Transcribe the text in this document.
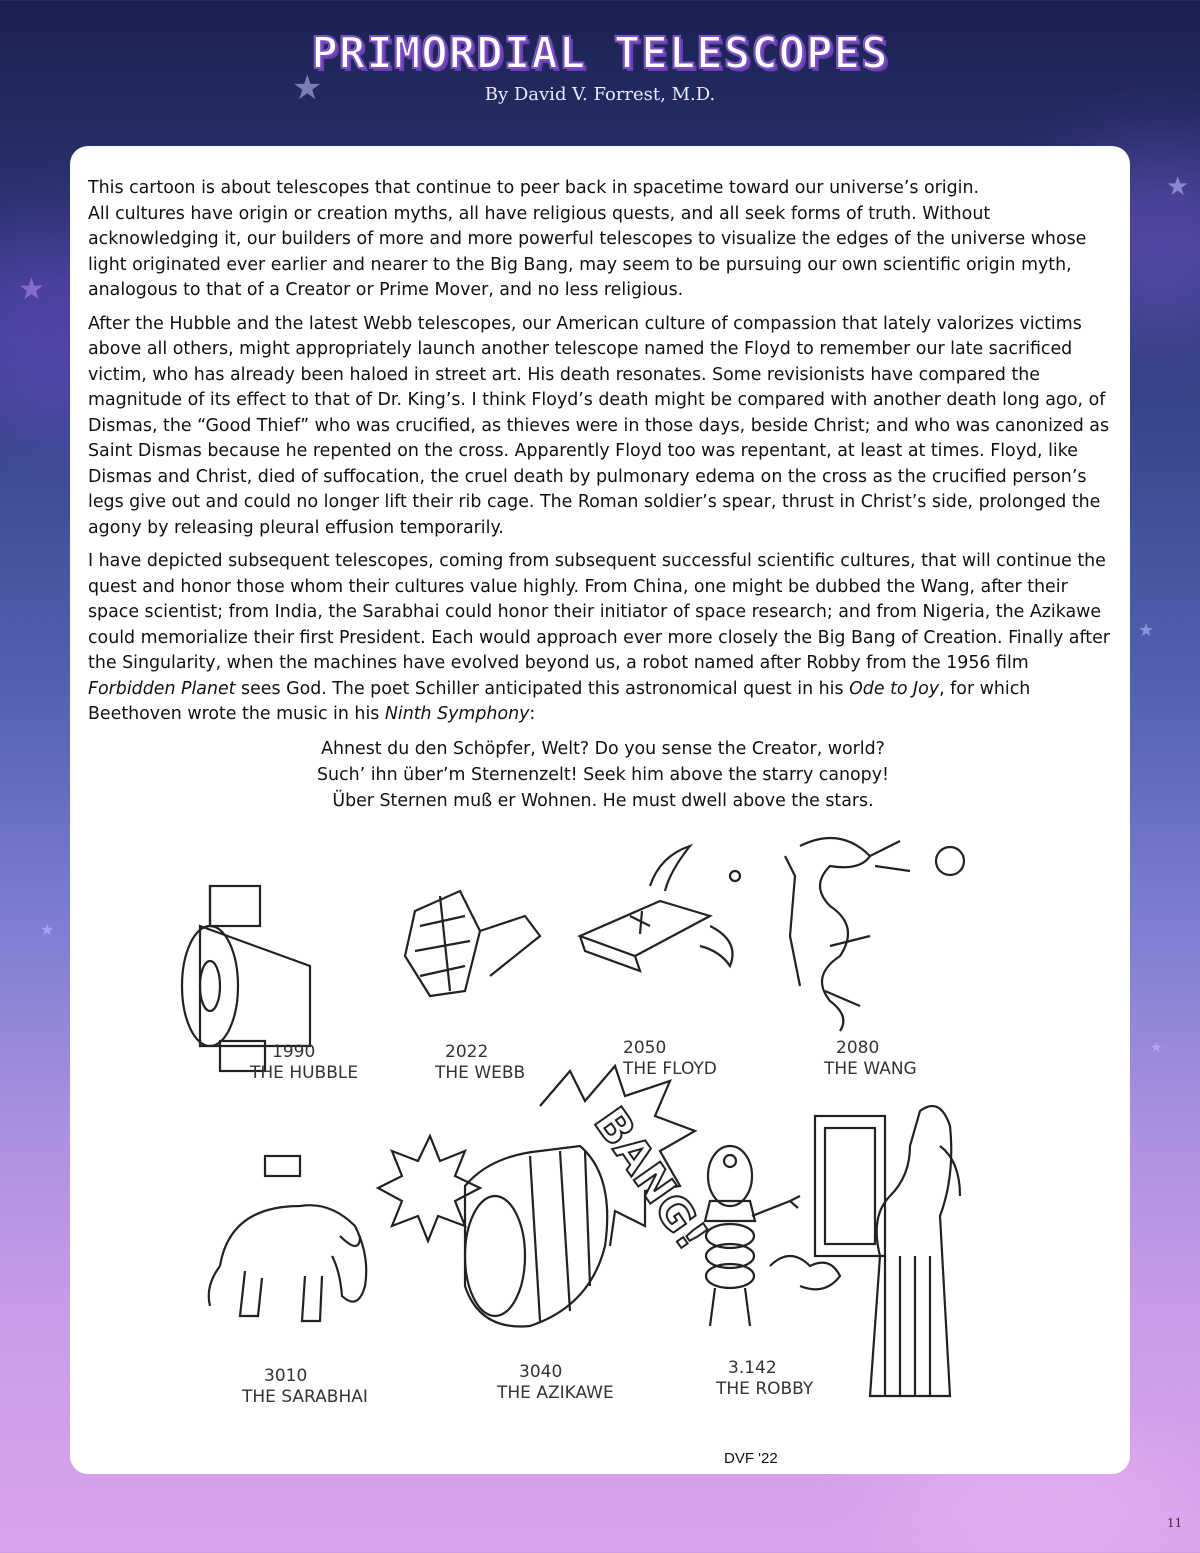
★
★
★
★
★
★
PRIMORDIAL TELESCOPES
By David V. Forrest, M.D.

This cartoon is about telescopes that continue to peer back in spacetime toward our universe’s origin.
All cultures have origin or creation myths, all have religious quests, and all seek forms of truth. Without acknowledging it, our builders of more and more powerful telescopes to visualize the edges of the universe whose light originated ever earlier and nearer to the Big Bang, may seem to be pursuing our own scientific origin myth, analogous to that of a Creator or Prime Mover, and no less religious.

After the Hubble and the latest Webb telescopes, our American culture of compassion that lately valorizes victims above all others, might appropriately launch another telescope named the Floyd to remember our late sacrificed victim, who has already been haloed in street art. His death resonates. Some revisionists have compared the magnitude of its effect to that of Dr. King’s. I think Floyd’s death might be compared with another death long ago, of Dismas, the “Good Thief” who was crucified, as thieves were in those days, beside Christ; and who was canonized as Saint Dismas because he repented on the cross. Apparently Floyd too was repentant, at least at times. Floyd, like Dismas and Christ, died of suffocation, the cruel death by pulmonary edema on the cross as the crucified person’s legs give out and could no longer lift their rib cage. The Roman soldier’s spear, thrust in Christ’s side, prolonged the agony by releasing pleural effusion temporarily.

I have depicted subsequent telescopes, coming from subsequent successful scientific cultures, that will continue the quest and honor those whom their cultures value highly. From China, one might be dubbed the Wang, after their space scientist; from India, the Sarabhai could honor their initiator of space research; and from Nigeria, the Azikawe could memorialize their first President. Each would approach ever more closely the Big Bang of Creation. Finally after the Singularity, when the machines have evolved beyond us, a robot named after Robby from the 1956 film Forbidden Planet sees God. The poet Schiller anticipated this astronomical quest in his Ode to Joy, for which Beethoven wrote the music in his Ninth Symphony:

Ahnest du den Schöpfer, Welt? Do you sense the Creator, world?
Such’ ihn über’m Sternenzelt! Seek him above the starry canopy!
Über Sternen muß er Wohnen. He must dwell above the stars.
BANG!
1990
THE HUBBLE
2022
THE WEBB
2050
THE FLOYD
2080
THE WANG
3010
THE SARABHAI
3040
THE AZIKAWE
3.142
THE ROBBY
DVF '22
11
